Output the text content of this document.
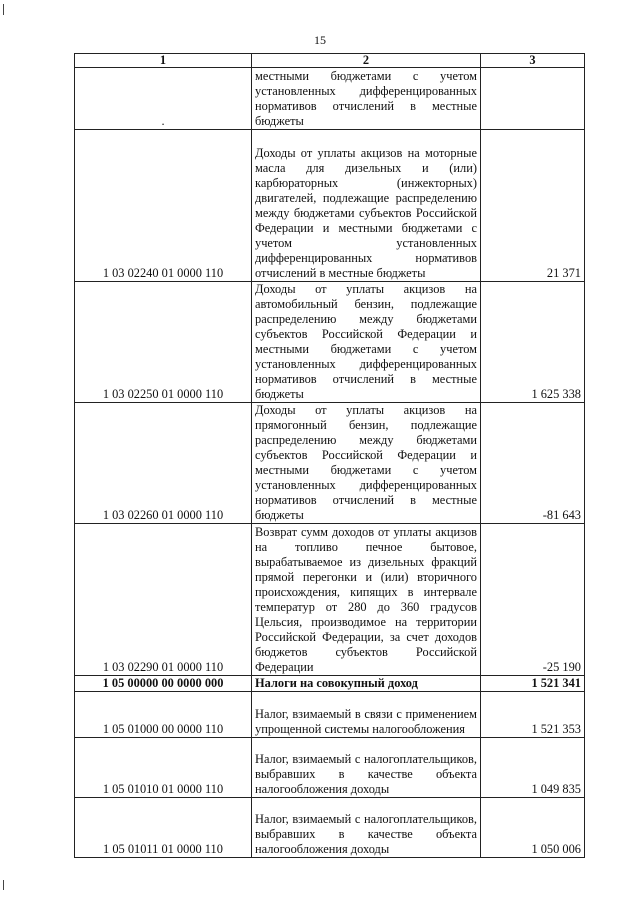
15
1	2	3
.	местными бюджетами с учетом установленных дифференцированных нормативов отчислений в местные бюджеты	
1 03 02240 01 0000 110	Доходы от уплаты акцизов на моторные масла для дизельных и (или) карбюраторных (инжекторных) двигателей, подлежащие распределению между бюджетами субъектов Российской Федерации и местными бюджетами с учетом установленных дифференцированных нормативов отчислений в местные бюджеты	21 371
1 03 02250 01 0000 110	Доходы от уплаты акцизов на автомобильный бензин, подлежащие распределению между бюджетами субъектов Российской Федерации и местными бюджетами с учетом установленных дифференцированных нормативов отчислений в местные бюджеты	1 625 338
1 03 02260 01 0000 110	Доходы от уплаты акцизов на прямогонный бензин, подлежащие распределению между бюджетами субъектов Российской Федерации и местными бюджетами с учетом установленных дифференцированных нормативов отчислений в местные бюджеты	-81 643
1 03 02290 01 0000 110	Возврат сумм доходов от уплаты акцизов на топливо печное бытовое, вырабатываемое из дизельных фракций прямой перегонки и (или) вторичного происхождения, кипящих в интервале температур от 280 до 360 градусов Цельсия, производимое на территории Российской Федерации, за счет доходов бюджетов субъектов Российской Федерации	-25 190
1 05 00000 00 0000 000	Налоги на совокупный доход	1 521 341
1 05 01000 00 0000 110	Налог, взимаемый в связи с применением упрощенной системы налогообложения	1 521 353
1 05 01010 01 0000 110	Налог, взимаемый с налогоплательщиков, выбравших в качестве объекта налогообложения доходы	1 049 835
1 05 01011 01 0000 110	Налог, взимаемый с налогоплательщиков, выбравших в качестве объекта налогообложения доходы	1 050 006
